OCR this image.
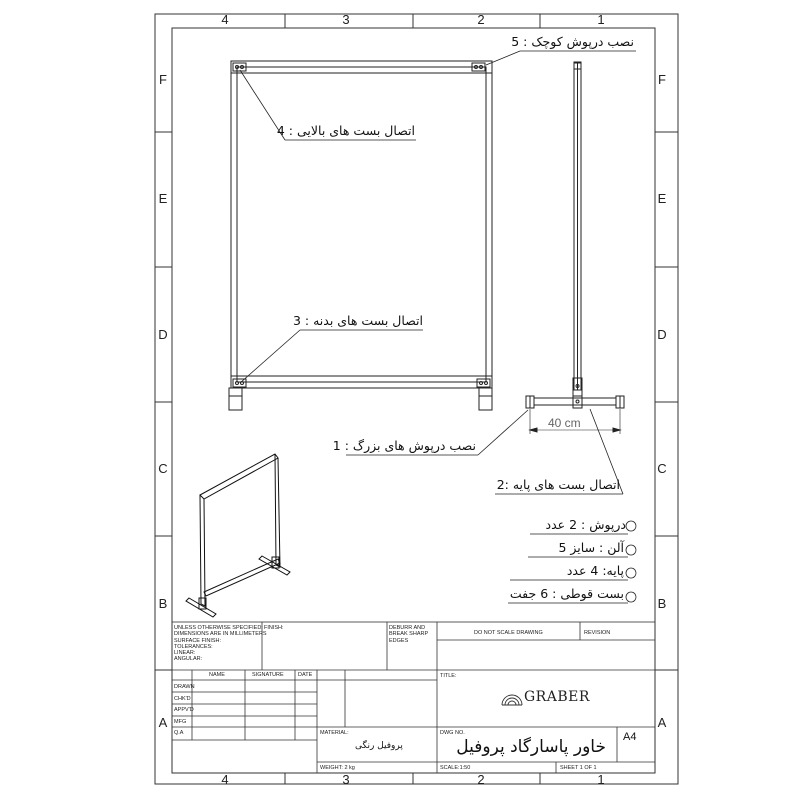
4	3	2	1
4	3	2	1
F
E
D
C
B
A
F
E
D
C
B
A
نصب درپوش کوچک : 5
اتصال بست های بالایی : 4
اتصال بست های بدنه : 3
نصب درپوش های بزرگ : 1
اتصال بست های پایه :2
40 cm
درپوش : 2 عدد
آلن : سایز 5
پایه: 4 عدد
بست قوطی : 6 جفت
UNLESS OTHERWISE SPECIFIED:
DIMENSIONS ARE IN MILLIMETERS
SURFACE FINISH:
TOLERANCES:
LINEAR:
ANGULAR:
FINISH:	DEBURR AND
BREAK SHARP
EDGES
DO NOT SCALE DRAWING	REVISION
NAME	SIGNATURE	DATE
DRAWN
CHK'D
APPV'D
MFG
Q.A
TITLE:
GRABER
MATERIAL:
پروفیل رنگی
DWG NO.
خاور پاسارگاد پروفیل A4
WEIGHT: 2 kg	SCALE:1:50	SHEET 1 OF 1
